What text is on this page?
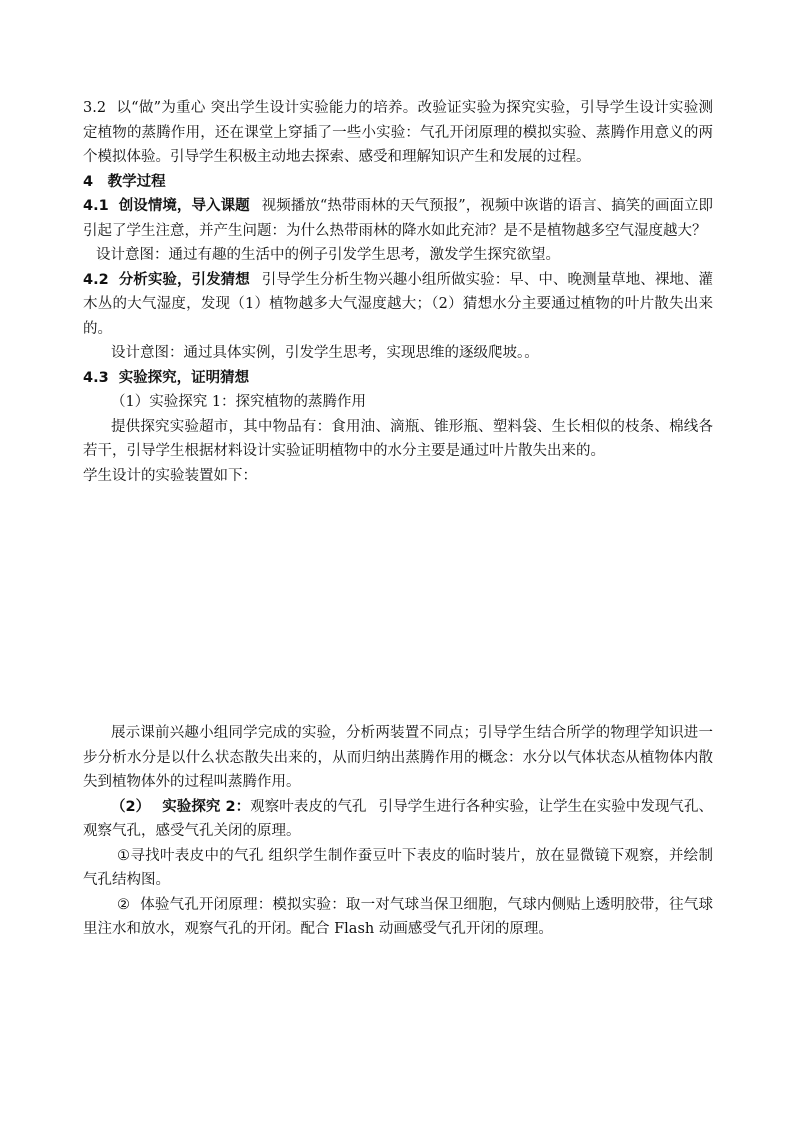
3.2 以“做”为重心 突出学生设计实验能力的培养。改验证实验为探究实验，引导学生设计实验测定植物的蒸腾作用，还在课堂上穿插了一些小实验：气孔开闭原理的模拟实验、蒸腾作用意义的两个模拟体验。引导学生积极主动地去探索、感受和理解知识产生和发展的过程。

4　教学过程

4.1 创设情境，导入课题 视频播放“热带雨林的天气预报”，视频中诙谐的语言、搞笑的画面立即引起了学生注意，并产生问题：为什么热带雨林的降水如此充沛？是不是植物越多空气湿度越大？

设计意图：通过有趣的生活中的例子引发学生思考，激发学生探究欲望。

4.2 分析实验，引发猜想 引导学生分析生物兴趣小组所做实验：早、中、晚测量草地、裸地、灌木丛的大气湿度，发现（1）植物越多大气湿度越大；（2）猜想水分主要通过植物的叶片散失出来的。

设计意图：通过具体实例，引发学生思考，实现思维的逐级爬坡。。

4.3 实验探究，证明猜想

（1）实验探究 1：探究植物的蒸腾作用

提供探究实验超市，其中物品有：食用油、滴瓶、锥形瓶、塑料袋、生长相似的枝条、棉线各若干，引导学生根据材料设计实验证明植物中的水分主要是通过叶片散失出来的。

学生设计的实验装置如下：

展示课前兴趣小组同学完成的实验，分析两装置不同点；引导学生结合所学的物理学知识进一步分析水分是以什么状态散失出来的，从而归纳出蒸腾作用的概念：水分以气体状态从植物体内散失到植物体外的过程叫蒸腾作用。

（2） 实验探究 2：观察叶表皮的气孔 引导学生进行各种实验，让学生在实验中发现气孔、观察气孔，感受气孔关闭的原理。

①寻找叶表皮中的气孔 组织学生制作蚕豆叶下表皮的临时装片，放在显微镜下观察，并绘制气孔结构图。

② 体验气孔开闭原理：模拟实验：取一对气球当保卫细胞，气球内侧贴上透明胶带，往气球里注水和放水，观察气孔的开闭。配合 Flash 动画感受气孔开闭的原理。
